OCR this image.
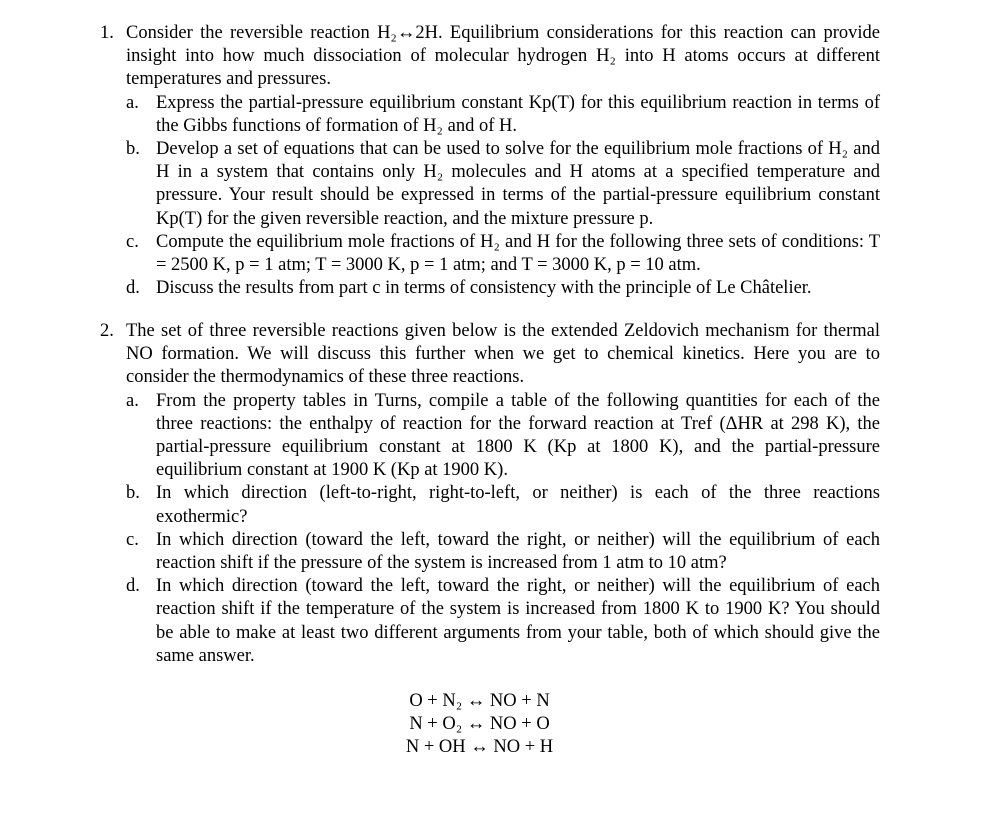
1. Consider the reversible reaction H₂↔2H. Equilibrium considerations for this reaction can provide insight into how much dissociation of molecular hydrogen H₂ into H atoms occurs at different temperatures and pressures.
a. Express the partial-pressure equilibrium constant Kp(T) for this equilibrium reaction in terms of the Gibbs functions of formation of H₂ and of H.
b. Develop a set of equations that can be used to solve for the equilibrium mole fractions of H₂ and H in a system that contains only H₂ molecules and H atoms at a specified temperature and pressure. Your result should be expressed in terms of the partial-pressure equilibrium constant Kp(T) for the given reversible reaction, and the mixture pressure p.
c. Compute the equilibrium mole fractions of H₂ and H for the following three sets of conditions: T = 2500 K, p = 1 atm; T = 3000 K, p = 1 atm; and T = 3000 K, p = 10 atm.
d. Discuss the results from part c in terms of consistency with the principle of Le Châtelier.
2. The set of three reversible reactions given below is the extended Zeldovich mechanism for thermal NO formation. We will discuss this further when we get to chemical kinetics. Here you are to consider the thermodynamics of these three reactions.
a. From the property tables in Turns, compile a table of the following quantities for each of the three reactions: the enthalpy of reaction for the forward reaction at Tref (ΔHR at 298 K), the partial-pressure equilibrium constant at 1800 K (Kp at 1800 K), and the partial-pressure equilibrium constant at 1900 K (Kp at 1900 K).
b. In which direction (left-to-right, right-to-left, or neither) is each of the three reactions exothermic?
c. In which direction (toward the left, toward the right, or neither) will the equilibrium of each reaction shift if the pressure of the system is increased from 1 atm to 10 atm?
d. In which direction (toward the left, toward the right, or neither) will the equilibrium of each reaction shift if the temperature of the system is increased from 1800 K to 1900 K? You should be able to make at least two different arguments from your table, both of which should give the same answer.
O + N₂ ↔ NO + N
N + O₂ ↔ NO + O
N + OH ↔ NO + H
